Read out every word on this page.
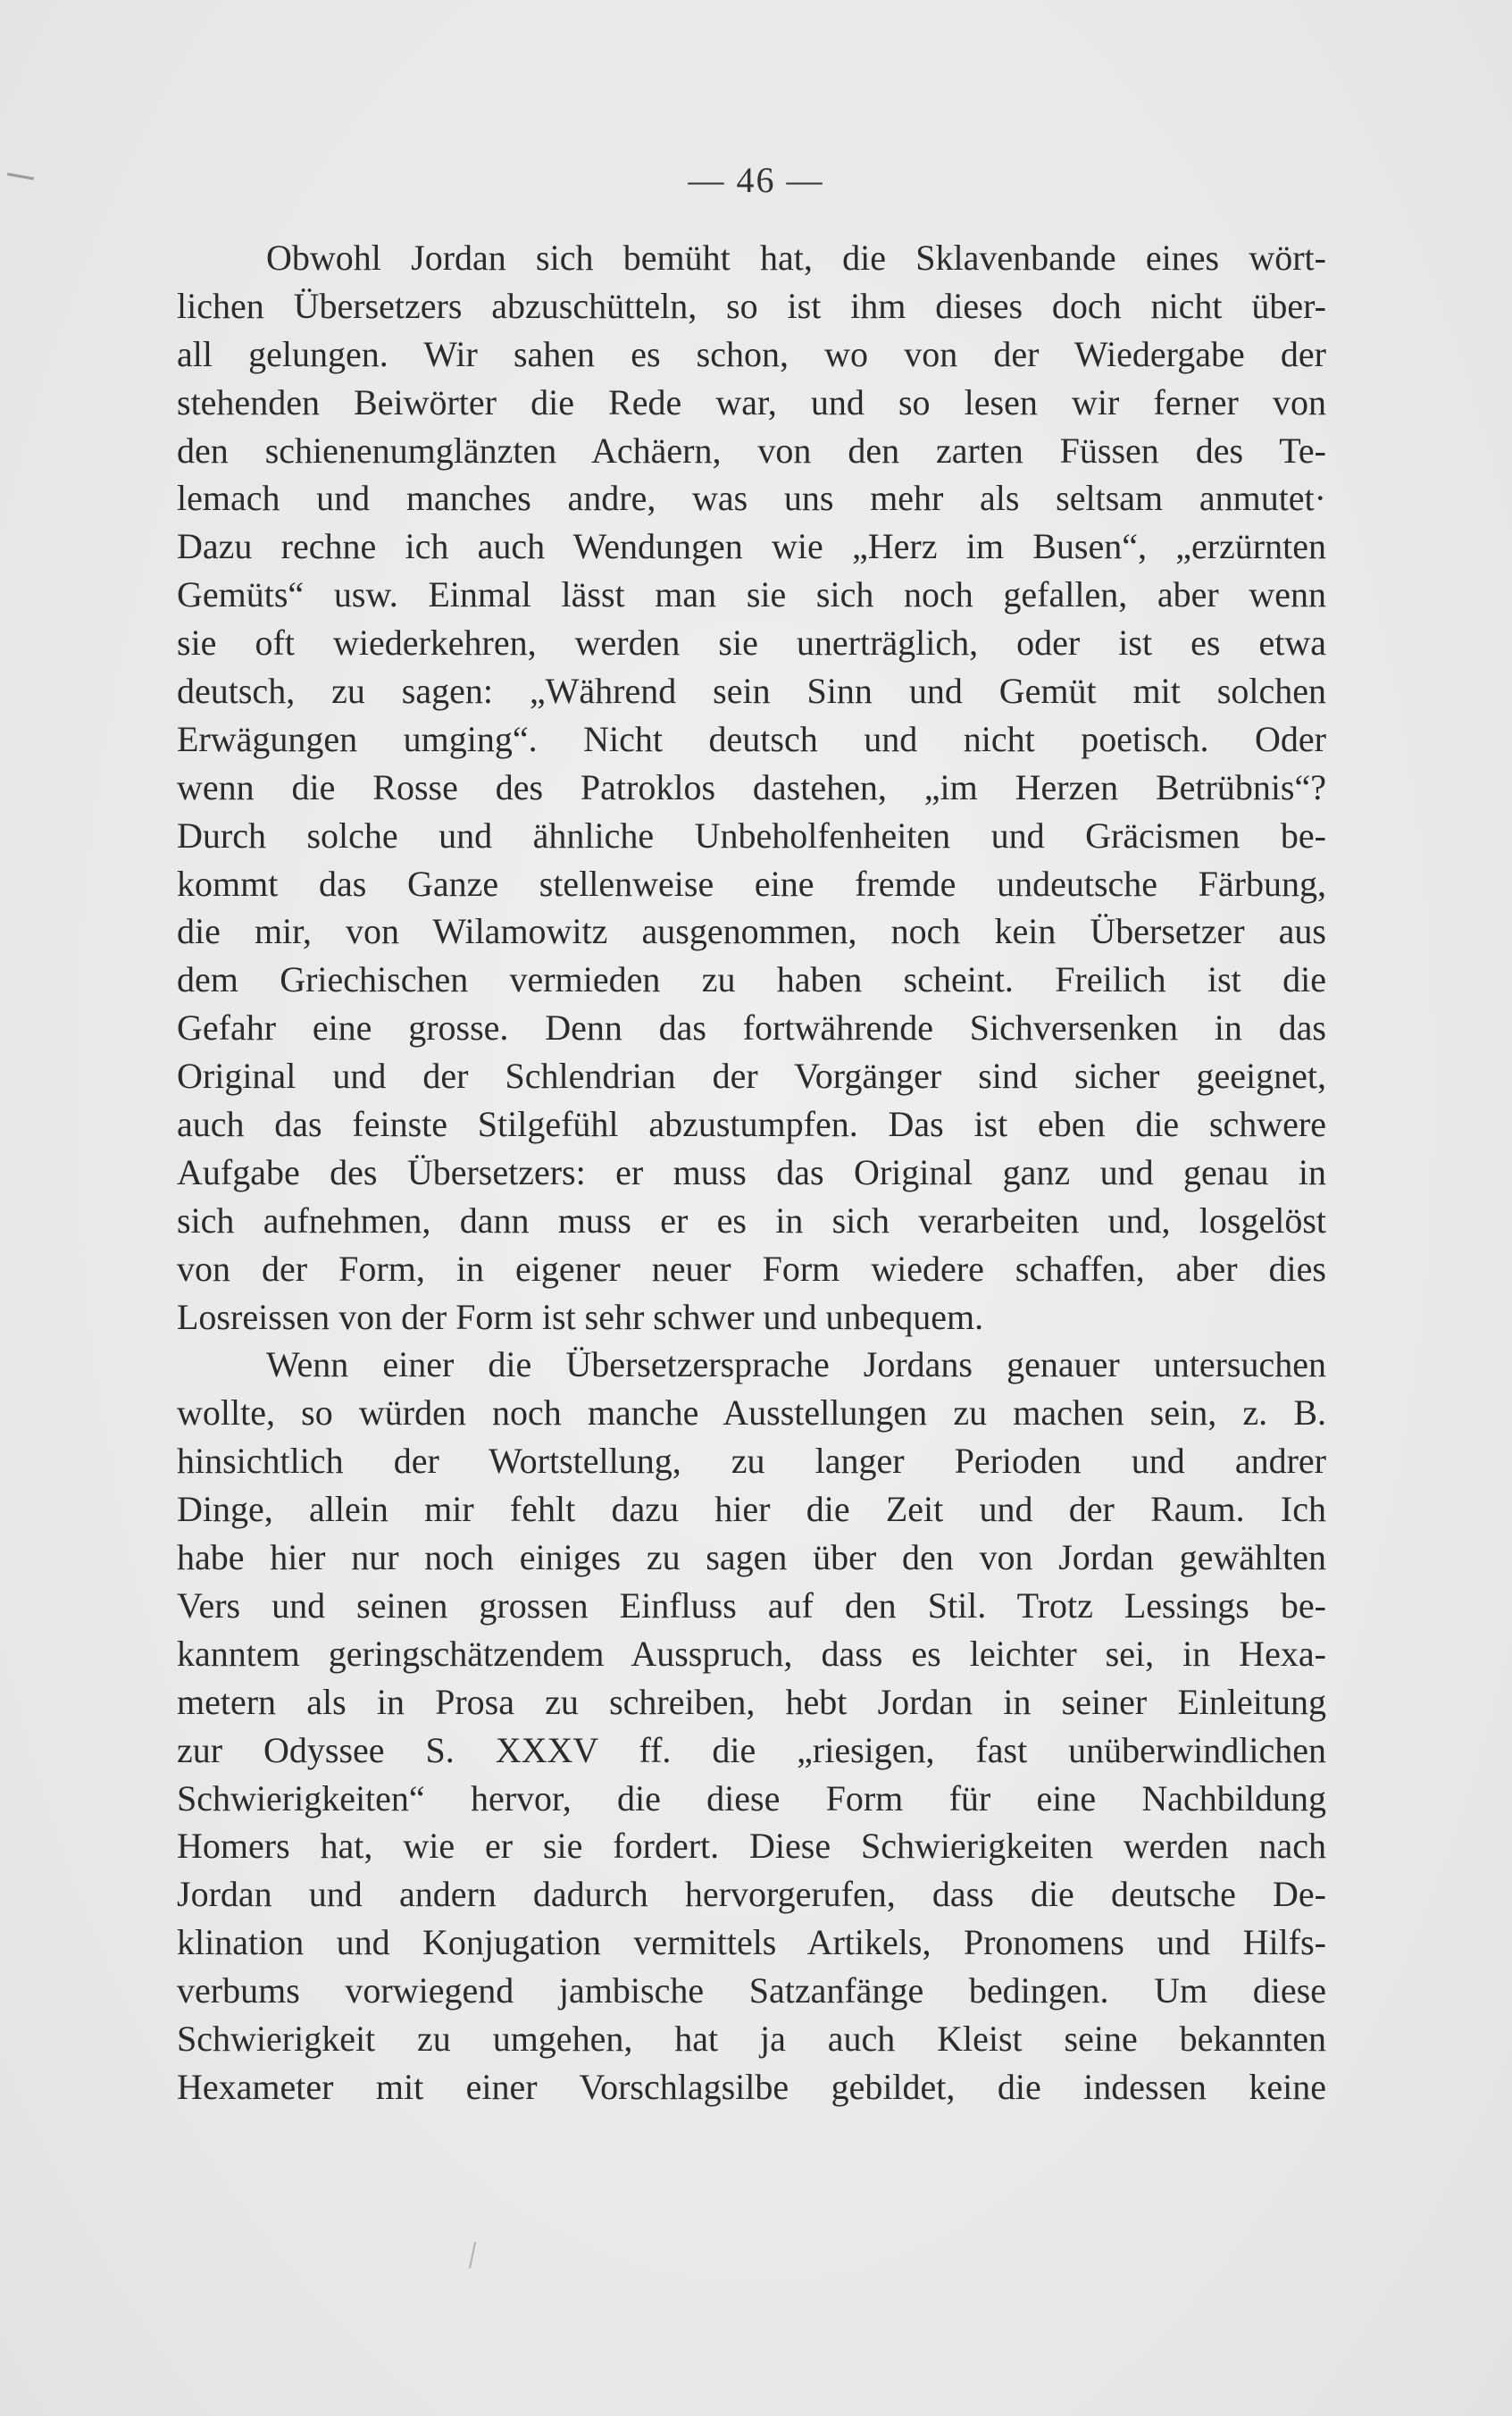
— 46 —
Obwohl Jordan sich bemüht hat, die Sklavenbande eines wört-
lichen Übersetzers abzuschütteln, so ist ihm dieses doch nicht über-
all gelungen. Wir sahen es schon, wo von der Wiedergabe der
stehenden Beiwörter die Rede war, und so lesen wir ferner von
den schienenumglänzten Achäern, von den zarten Füssen des Te-
lemach und manches andre, was uns mehr als seltsam anmutet·
Dazu rechne ich auch Wendungen wie „Herz im Busen“, „erzürnten
Gemüts“ usw. Einmal lässt man sie sich noch gefallen, aber wenn
sie oft wiederkehren, werden sie unerträglich, oder ist es etwa
deutsch, zu sagen: „Während sein Sinn und Gemüt mit solchen
Erwägungen umging“. Nicht deutsch und nicht poetisch. Oder
wenn die Rosse des Patroklos dastehen, „im Herzen Betrübnis“?
Durch solche und ähnliche Unbeholfenheiten und Gräcismen be-
kommt das Ganze stellenweise eine fremde undeutsche Färbung,
die mir, von Wilamowitz ausgenommen, noch kein Übersetzer aus
dem Griechischen vermieden zu haben scheint. Freilich ist die
Gefahr eine grosse. Denn das fortwährende Sichversenken in das
Original und der Schlendrian der Vorgänger sind sicher geeignet,
auch das feinste Stilgefühl abzustumpfen. Das ist eben die schwere
Aufgabe des Übersetzers: er muss das Original ganz und genau in
sich aufnehmen, dann muss er es in sich verarbeiten und, losgelöst
von der Form, in eigener neuer Form wiedere schaffen, aber dies
Losreissen von der Form ist sehr schwer und unbequem.
Wenn einer die Übersetzersprache Jordans genauer untersuchen
wollte, so würden noch manche Ausstellungen zu machen sein, z. B.
hinsichtlich der Wortstellung, zu langer Perioden und andrer
Dinge, allein mir fehlt dazu hier die Zeit und der Raum. Ich
habe hier nur noch einiges zu sagen über den von Jordan gewählten
Vers und seinen grossen Einfluss auf den Stil. Trotz Lessings be-
kanntem geringschätzendem Ausspruch, dass es leichter sei, in Hexa-
metern als in Prosa zu schreiben, hebt Jordan in seiner Einleitung
zur Odyssee S. XXXV ff. die „riesigen, fast unüberwindlichen
Schwierigkeiten“ hervor, die diese Form für eine Nachbildung
Homers hat, wie er sie fordert. Diese Schwierigkeiten werden nach
Jordan und andern dadurch hervorgerufen, dass die deutsche De-
klination und Konjugation vermittels Artikels, Pronomens und Hilfs-
verbums vorwiegend jambische Satzanfänge bedingen. Um diese
Schwierigkeit zu umgehen, hat ja auch Kleist seine bekannten
Hexameter mit einer Vorschlagsilbe gebildet, die indessen keine
